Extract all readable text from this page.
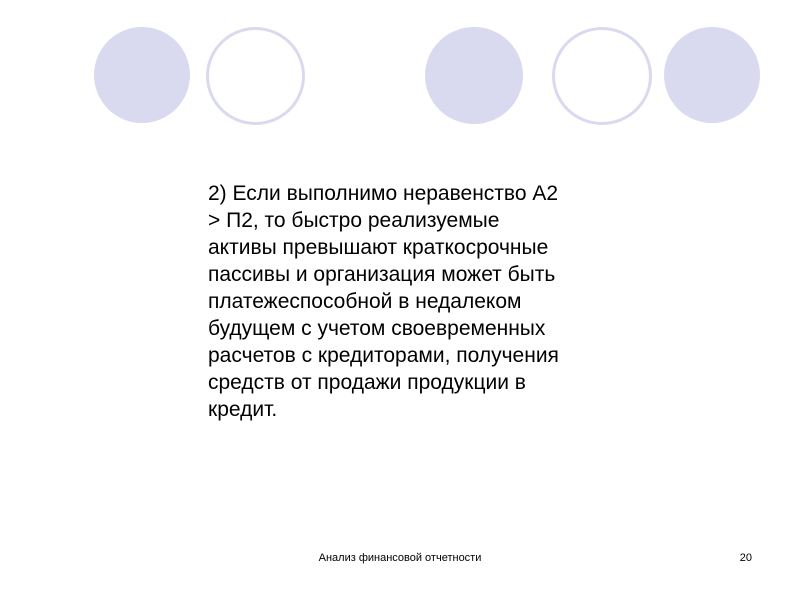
2) Если выполнимо неравенство А2
> П2, то быстро реализуемые
активы превышают краткосрочные
пассивы и организация может быть
платежеспособной в недалеком
будущем с учетом своевременных
расчетов с кредиторами, получения
средств от продажи продукции в
кредит.

Анализ финансовой отчетности	20
